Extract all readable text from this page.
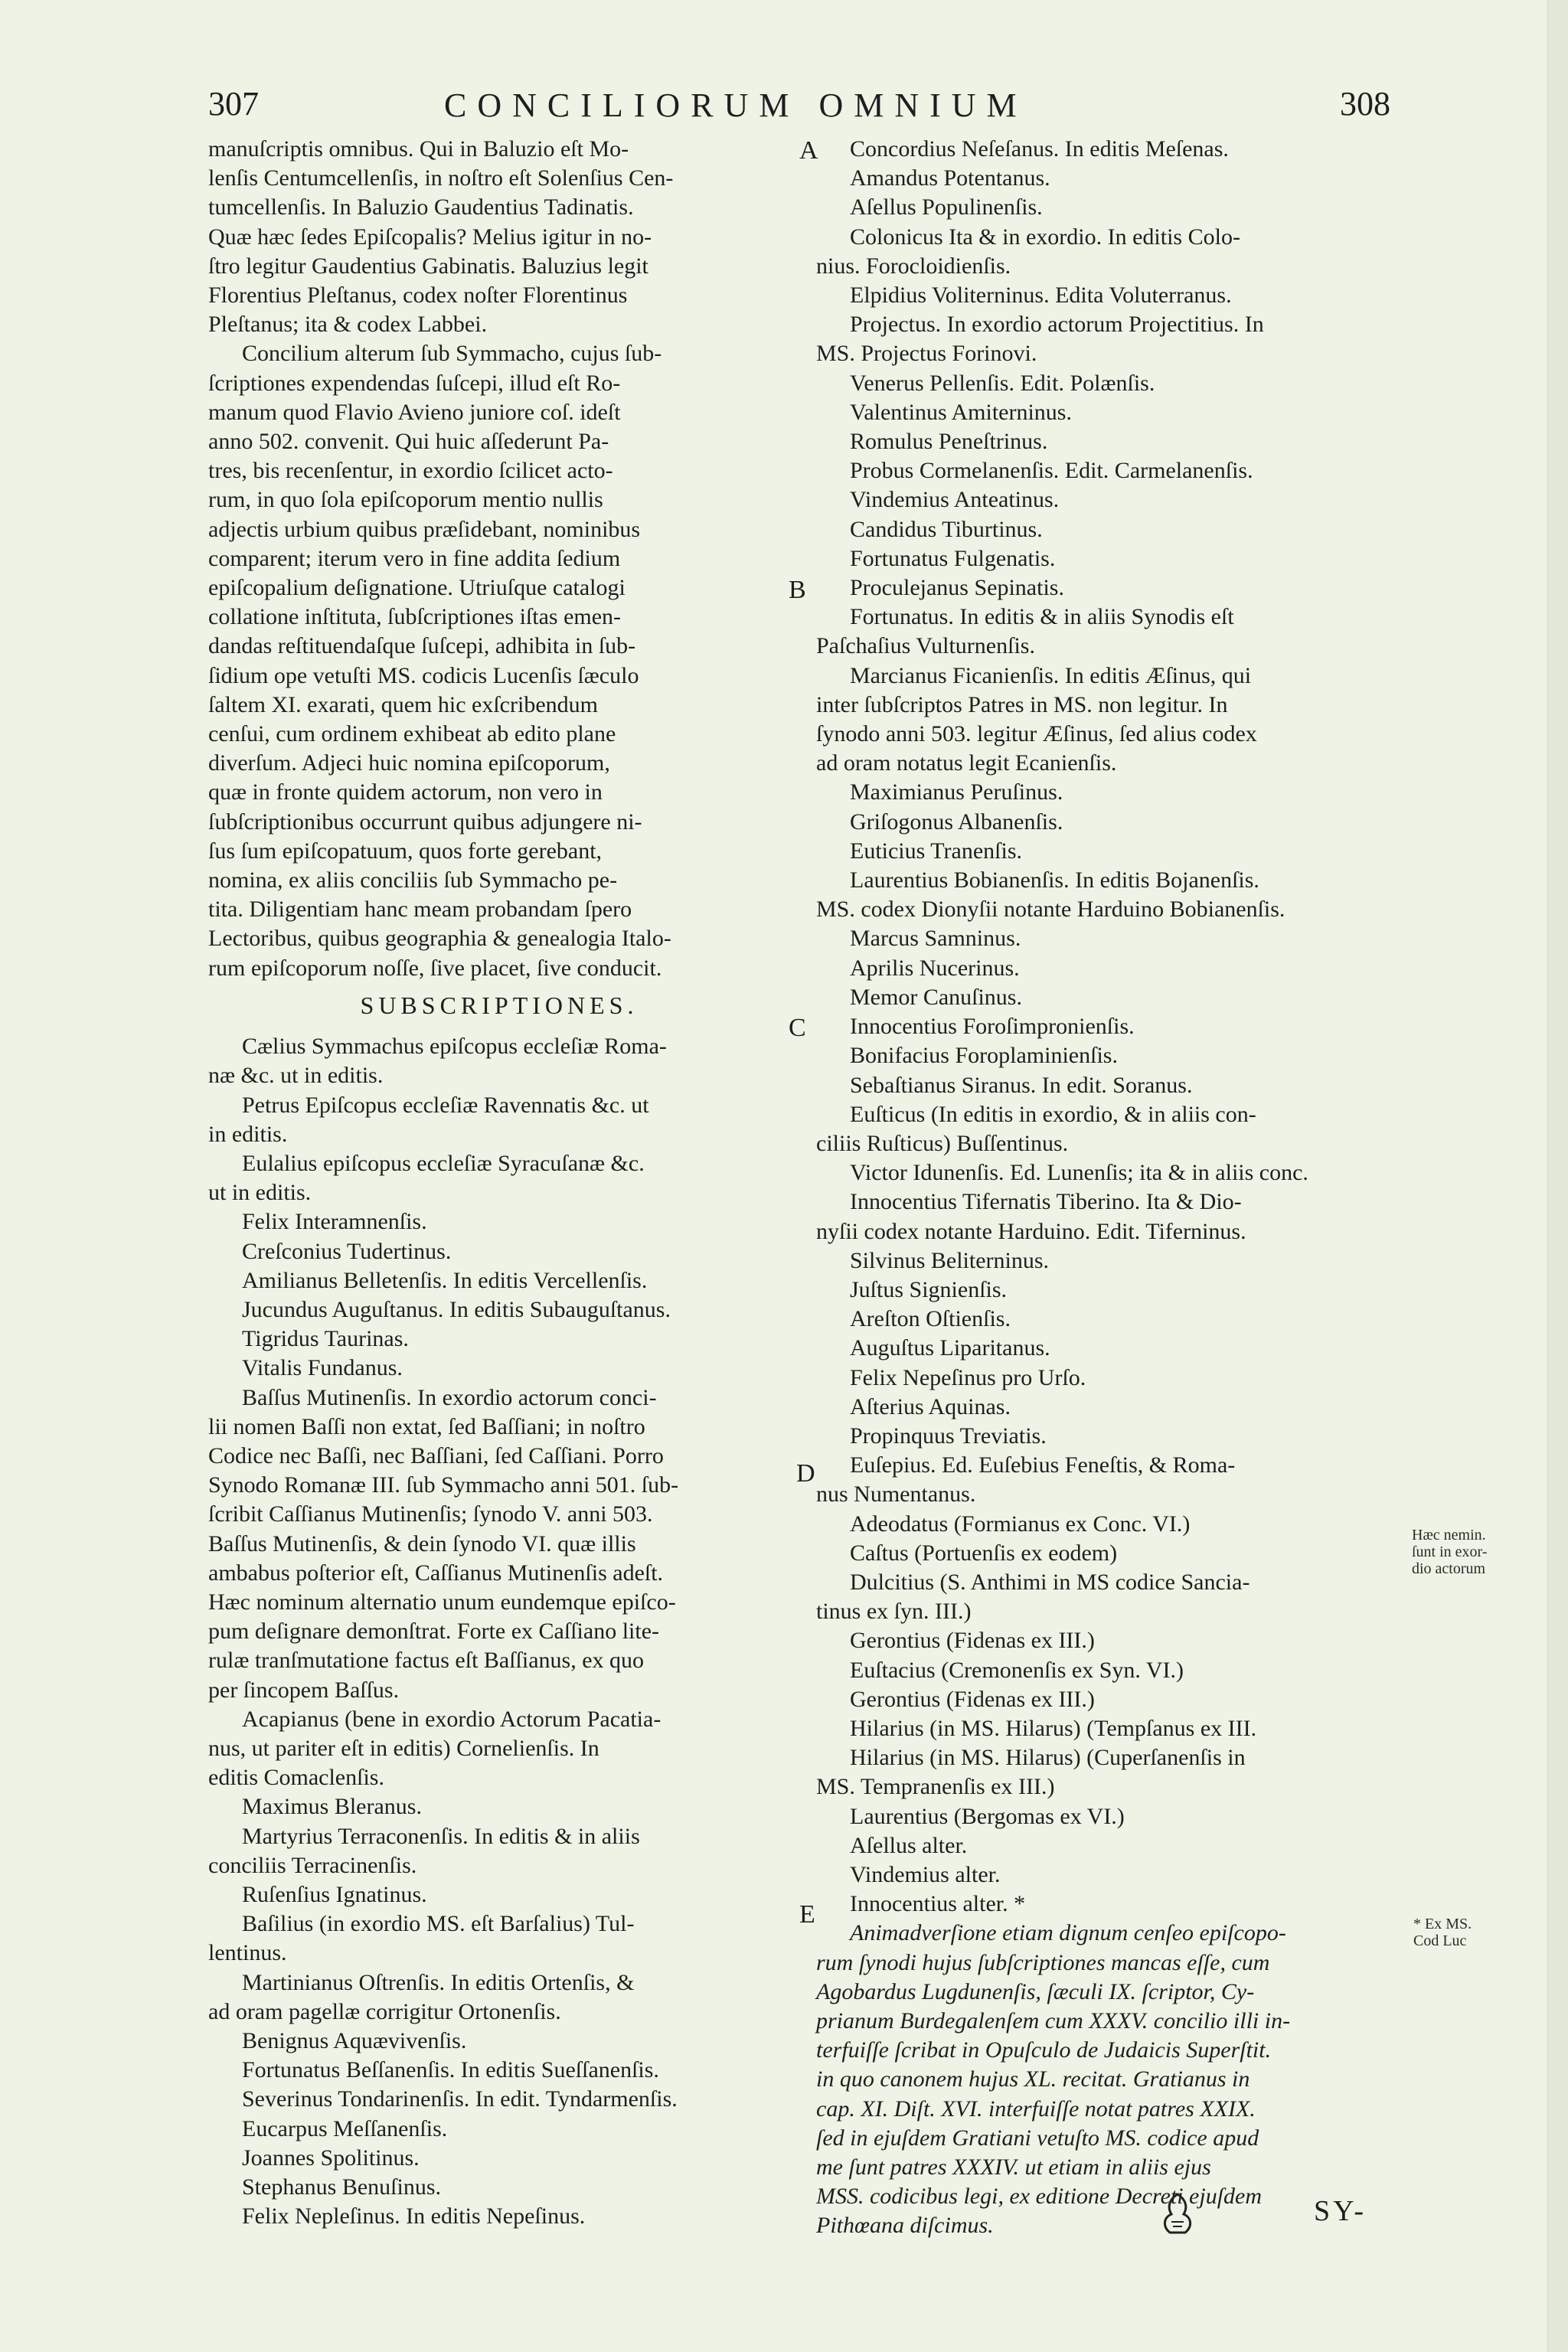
307	CONCILIORUM OMNIUM	308
manuſcriptis omnibus. Qui in Baluzio eſt Mo-
lenſis Centumcellenſis, in noſtro eſt Solenſius Cen-
tumcellenſis. In Baluzio Gaudentius Tadinatis.
Quæ hæc ſedes Epiſcopalis? Melius igitur in no-
ſtro legitur Gaudentius Gabinatis. Baluzius legit
Florentius Pleſtanus, codex noſter Florentinus
Pleſtanus; ita & codex Labbei.
Concilium alterum ſub Symmacho, cujus ſub-
ſcriptiones expendendas ſuſcepi, illud eſt Ro-
manum quod Flavio Avieno juniore coſ. ideſt
anno 502. convenit. Qui huic aſſederunt Pa-
tres, bis recenſentur, in exordio ſcilicet acto-
rum, in quo ſola epiſcoporum mentio nullis
adjectis urbium quibus præſidebant, nominibus
comparent; iterum vero in fine addita ſedium
epiſcopalium deſignatione. Utriuſque catalogi
collatione inſtituta, ſubſcriptiones iſtas emen-
dandas reſtituendaſque ſuſcepi, adhibita in ſub-
ſidium ope vetuſti MS. codicis Lucenſis ſæculo
ſaltem XI. exarati, quem hic exſcribendum
cenſui, cum ordinem exhibeat ab edito plane
diverſum. Adjeci huic nomina epiſcoporum,
quæ in fronte quidem actorum, non vero in
ſubſcriptionibus occurrunt quibus adjungere ni-
ſus ſum epiſcopatuum, quos forte gerebant,
nomina, ex aliis conciliis ſub Symmacho pe-
tita. Diligentiam hanc meam probandam ſpero
Lectoribus, quibus geographia & genealogia Italo-
rum epiſcoporum noſſe, ſive placet, ſive conducit.
SUBSCRIPTIONES.
Cælius Symmachus epiſcopus eccleſiæ Roma-
næ &c. ut in editis.
Petrus Epiſcopus eccleſiæ Ravennatis &c. ut
in editis.
Eulalius epiſcopus eccleſiæ Syracuſanæ &c.
ut in editis.
Felix Interamnenſis.
Creſconius Tudertinus.
Amilianus Belletenſis. In editis Vercellenſis.
Jucundus Auguſtanus. In editis Subauguſtanus.
Tigridus Taurinas.
Vitalis Fundanus.
Baſſus Mutinenſis. In exordio actorum conci-
lii nomen Baſſi non extat, ſed Baſſiani; in noſtro
Codice nec Baſſi, nec Baſſiani, ſed Caſſiani. Porro
Synodo Romanæ III. ſub Symmacho anni 501. ſub-
ſcribit Caſſianus Mutinenſis; ſynodo V. anni 503.
Baſſus Mutinenſis, & dein ſynodo VI. quæ illis
ambabus poſterior eſt, Caſſianus Mutinenſis adeſt.
Hæc nominum alternatio unum eundemque epiſco-
pum deſignare demonſtrat. Forte ex Caſſiano lite-
rulæ tranſmutatione factus eſt Baſſianus, ex quo
per ſincopem Baſſus.
Acapianus (bene in exordio Actorum Pacatia-
nus, ut pariter eſt in editis) Cornelienſis. In
editis Comaclenſis.
Maximus Bleranus.
Martyrius Terraconenſis. In editis & in aliis
conciliis Terracinenſis.
Ruſenſius Ignatinus.
Baſilius (in exordio MS. eſt Barſalius) Tul-
lentinus.
Martinianus Oſtrenſis. In editis Ortenſis, &
ad oram pagellæ corrigitur Ortonenſis.
Benignus Aquævivenſis.
Fortunatus Beſſanenſis. In editis Sueſſanenſis.
Severinus Tondarinenſis. In edit. Tyndarmenſis.
Eucarpus Meſſanenſis.
Joannes Spolitinus.
Stephanus Benuſinus.
Felix Nepleſinus. In editis Nepeſinus.
Concordius Neſeſanus. In editis Meſenas.
Amandus Potentanus.
Aſellus Populinenſis.
Colonicus Ita & in exordio. In editis Colo-
nius. Forocloidienſis.
Elpidius Voliterninus. Edita Voluterranus.
Projectus. In exordio actorum Projectitius. In
MS. Projectus Forinovi.
Venerus Pellenſis. Edit. Polænſis.
Valentinus Amiterninus.
Romulus Peneſtrinus.
Probus Cormelanenſis. Edit. Carmelanenſis.
Vindemius Anteatinus.
Candidus Tiburtinus.
Fortunatus Fulgenatis.
Proculejanus Sepinatis.
Fortunatus. In editis & in aliis Synodis eſt
Paſchaſius Vulturnenſis.
Marcianus Ficanienſis. In editis Æſinus, qui
inter ſubſcriptos Patres in MS. non legitur. In
ſynodo anni 503. legitur Æſinus, ſed alius codex
ad oram notatus legit Ecanienſis.
Maximianus Peruſinus.
Griſogonus Albanenſis.
Euticius Tranenſis.
Laurentius Bobianenſis. In editis Bojanenſis.
MS. codex Dionyſii notante Harduino Bobianenſis.
Marcus Samninus.
Aprilis Nucerinus.
Memor Canuſinus.
Innocentius Foroſimpronienſis.
Bonifacius Foroplaminienſis.
Sebaſtianus Siranus. In edit. Soranus.
Euſticus (In editis in exordio, & in aliis con-
ciliis Ruſticus) Buſſentinus.
Victor Idunenſis. Ed. Lunenſis; ita & in aliis conc.
Innocentius Tifernatis Tiberino. Ita & Dio-
nyſii codex notante Harduino. Edit. Tiferninus.
Silvinus Beliterninus.
Juſtus Signienſis.
Areſton Oſtienſis.
Auguſtus Liparitanus.
Felix Nepeſinus pro Urſo.
Aſterius Aquinas.
Propinquus Treviatis.
Euſepius. Ed. Euſebius Feneſtis, & Roma-
nus Numentanus.
Adeodatus (Formianus ex Conc. VI.)
Caſtus (Portuenſis ex eodem)
Dulcitius (S. Anthimi in MS codice Sancia-
tinus ex ſyn. III.)
Gerontius (Fidenas ex III.)
Euſtacius (Cremonenſis ex Syn. VI.)
Gerontius (Fidenas ex III.)
Hilarius (in MS. Hilarus) (Tempſanus ex III.
Hilarius (in MS. Hilarus) (Cuperſanenſis in
MS. Tempranenſis ex III.)
Laurentius (Bergomas ex VI.)
Aſellus alter.
Vindemius alter.
Innocentius alter. *
Animadverſione etiam dignum cenſeo epiſcopo-
rum ſynodi hujus ſubſcriptiones mancas eſſe, cum
Agobardus Lugdunenſis, ſæculi IX. ſcriptor, Cy-
prianum Burdegalenſem cum XXXV. concilio illi in-
terfuiſſe ſcribat in Opuſculo de Judaicis Superſtit.
in quo canonem hujus XL. recitat. Gratianus in
cap. XI. Diſt. XVI. interfuiſſe notat patres XXIX.
ſed in ejuſdem Gratiani vetuſto MS. codice apud
me ſunt patres XXXIV. ut etiam in aliis ejus
MSS. codicibus legi, ex editione Decreti ejuſdem
Pithœana diſcimus.
A
B
C
D
E
Hæc nemin.
ſunt in exor-
dio actorum
* Ex MS.
Cod Luc
SY-
